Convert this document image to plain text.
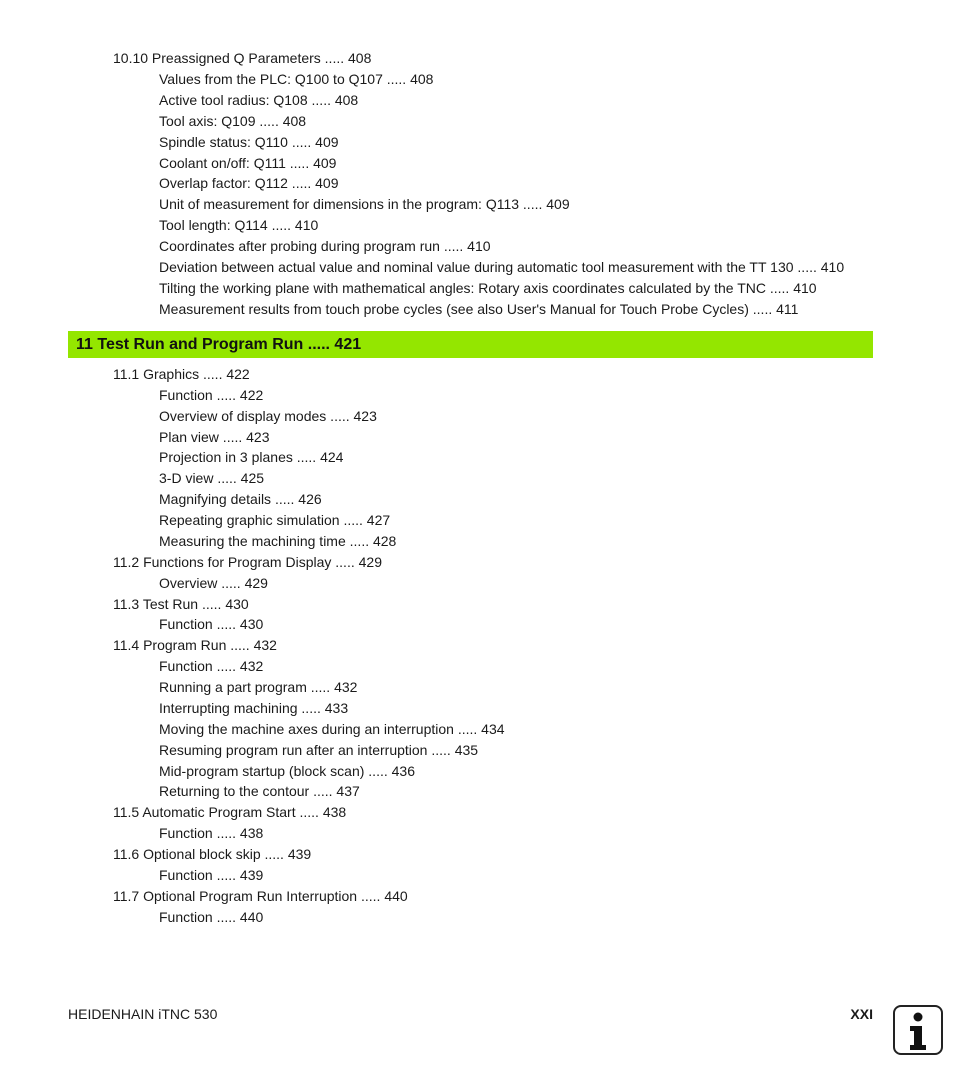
10.10 Preassigned Q Parameters ..... 408
Values from the PLC: Q100 to Q107 ..... 408
Active tool radius: Q108 ..... 408
Tool axis: Q109 ..... 408
Spindle status: Q110 ..... 409
Coolant on/off: Q111 ..... 409
Overlap factor: Q112 ..... 409
Unit of measurement for dimensions in the program: Q113 ..... 409
Tool length: Q114 ..... 410
Coordinates after probing during program run ..... 410
Deviation between actual value and nominal value during automatic tool measurement with the TT 130 ..... 410
Tilting the working plane with mathematical angles: Rotary axis coordinates calculated by the TNC ..... 410
Measurement results from touch probe cycles (see also User's Manual for Touch Probe Cycles) ..... 411
11 Test Run and Program Run ..... 421
11.1 Graphics ..... 422
Function ..... 422
Overview of display modes ..... 423
Plan view ..... 423
Projection in 3 planes ..... 424
3-D view ..... 425
Magnifying details ..... 426
Repeating graphic simulation ..... 427
Measuring the machining time ..... 428
11.2 Functions for Program Display ..... 429
Overview ..... 429
11.3 Test Run ..... 430
Function ..... 430
11.4 Program Run ..... 432
Function ..... 432
Running a part program ..... 432
Interrupting machining ..... 433
Moving the machine axes during an interruption ..... 434
Resuming program run after an interruption ..... 435
Mid-program startup (block scan) ..... 436
Returning to the contour ..... 437
11.5 Automatic Program Start ..... 438
Function ..... 438
11.6 Optional block skip ..... 439
Function ..... 439
11.7 Optional Program Run Interruption ..... 440
Function ..... 440
HEIDENHAIN iTNC 530	XXI
